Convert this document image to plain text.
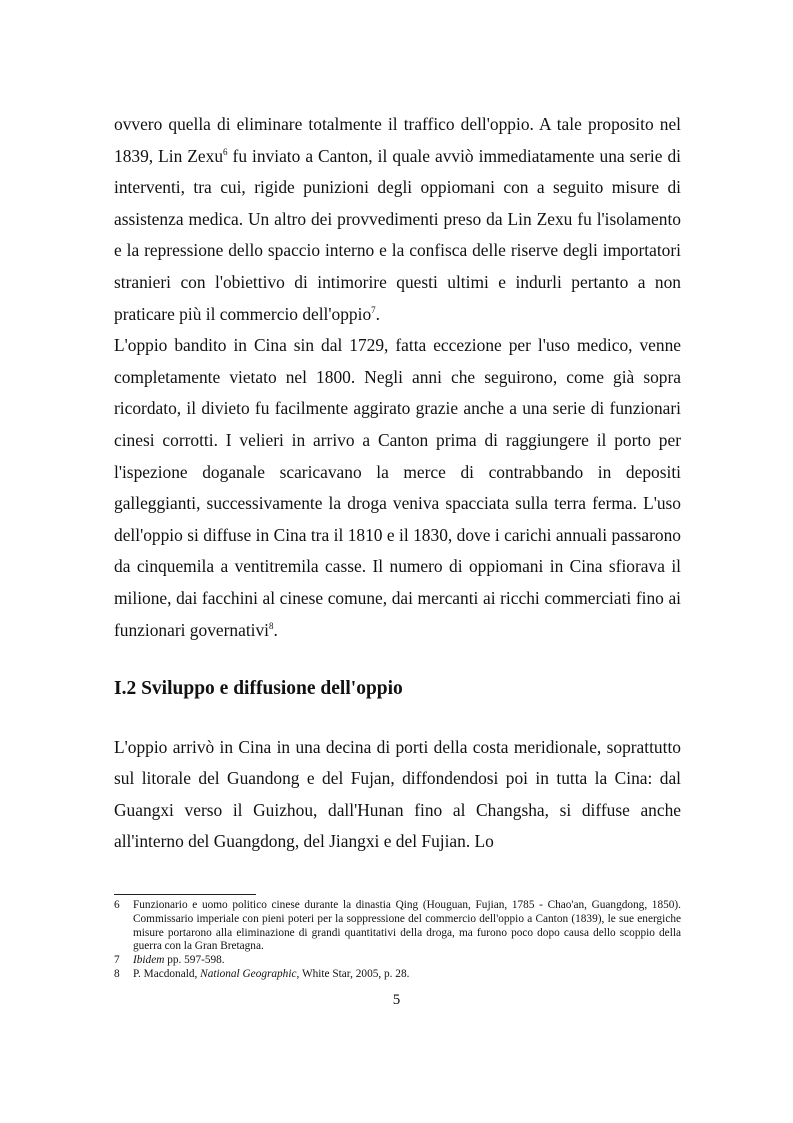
ovvero quella di eliminare totalmente il traffico dell'oppio. A tale proposito nel 1839, Lin Zexu$^6$ fu inviato a Canton, il quale avviò immediatamente una serie di interventi, tra cui, rigide punizioni degli oppiomani con a seguito misure di assistenza medica. Un altro dei provvedimenti preso da Lin Zexu fu l'isolamento e la repressione dello spaccio interno e la confisca delle riserve degli importatori stranieri con l'obiettivo di intimorire questi ultimi e indurli pertanto a non praticare più il commercio dell'oppio$^7$.

L'oppio bandito in Cina sin dal 1729, fatta eccezione per l'uso medico, venne completamente vietato nel 1800. Negli anni che seguirono, come già sopra ricordato, il divieto fu facilmente aggirato grazie anche a una serie di funzionari cinesi corrotti. I velieri in arrivo a Canton prima di raggiungere il porto per l'ispezione doganale scaricavano la merce di contrabbando in depositi galleggianti, successivamente la droga veniva spacciata sulla terra ferma. L'uso dell'oppio si diffuse in Cina tra il 1810 e il 1830, dove i carichi annuali passarono da cinquemila a ventitremila casse. Il numero di oppiomani in Cina sfiorava il milione, dai facchini al cinese comune, dai mercanti ai ricchi commerciati fino ai funzionari governativi$^8$.

I.2 Sviluppo e diffusione dell'oppio

L'oppio arrivò in Cina in una decina di porti della costa meridionale, soprattutto sul litorale del Guandong e del Fujan, diffondendosi poi in tutta la Cina: dal Guangxi verso il Guizhou, dall'Hunan fino al Changsha, si diffuse anche all'interno del Guangdong, del Jiangxi e del Fujian. Lo

6	Funzionario e uomo politico cinese durante la dinastia Qing (Houguan, Fujian, 1785 - Chao'an, Guangdong, 1850). Commissario imperiale con pieni poteri per la soppressione del commercio dell'oppio a Canton (1839), le sue energiche misure portarono alla eliminazione di grandi quantitativi della droga, ma furono poco dopo causa dello scoppio della guerra con la Gran Bretagna.
7	Ibidem pp. 597-598.
8	P. Macdonald, National Geographic, White Star, 2005, p. 28.
5
